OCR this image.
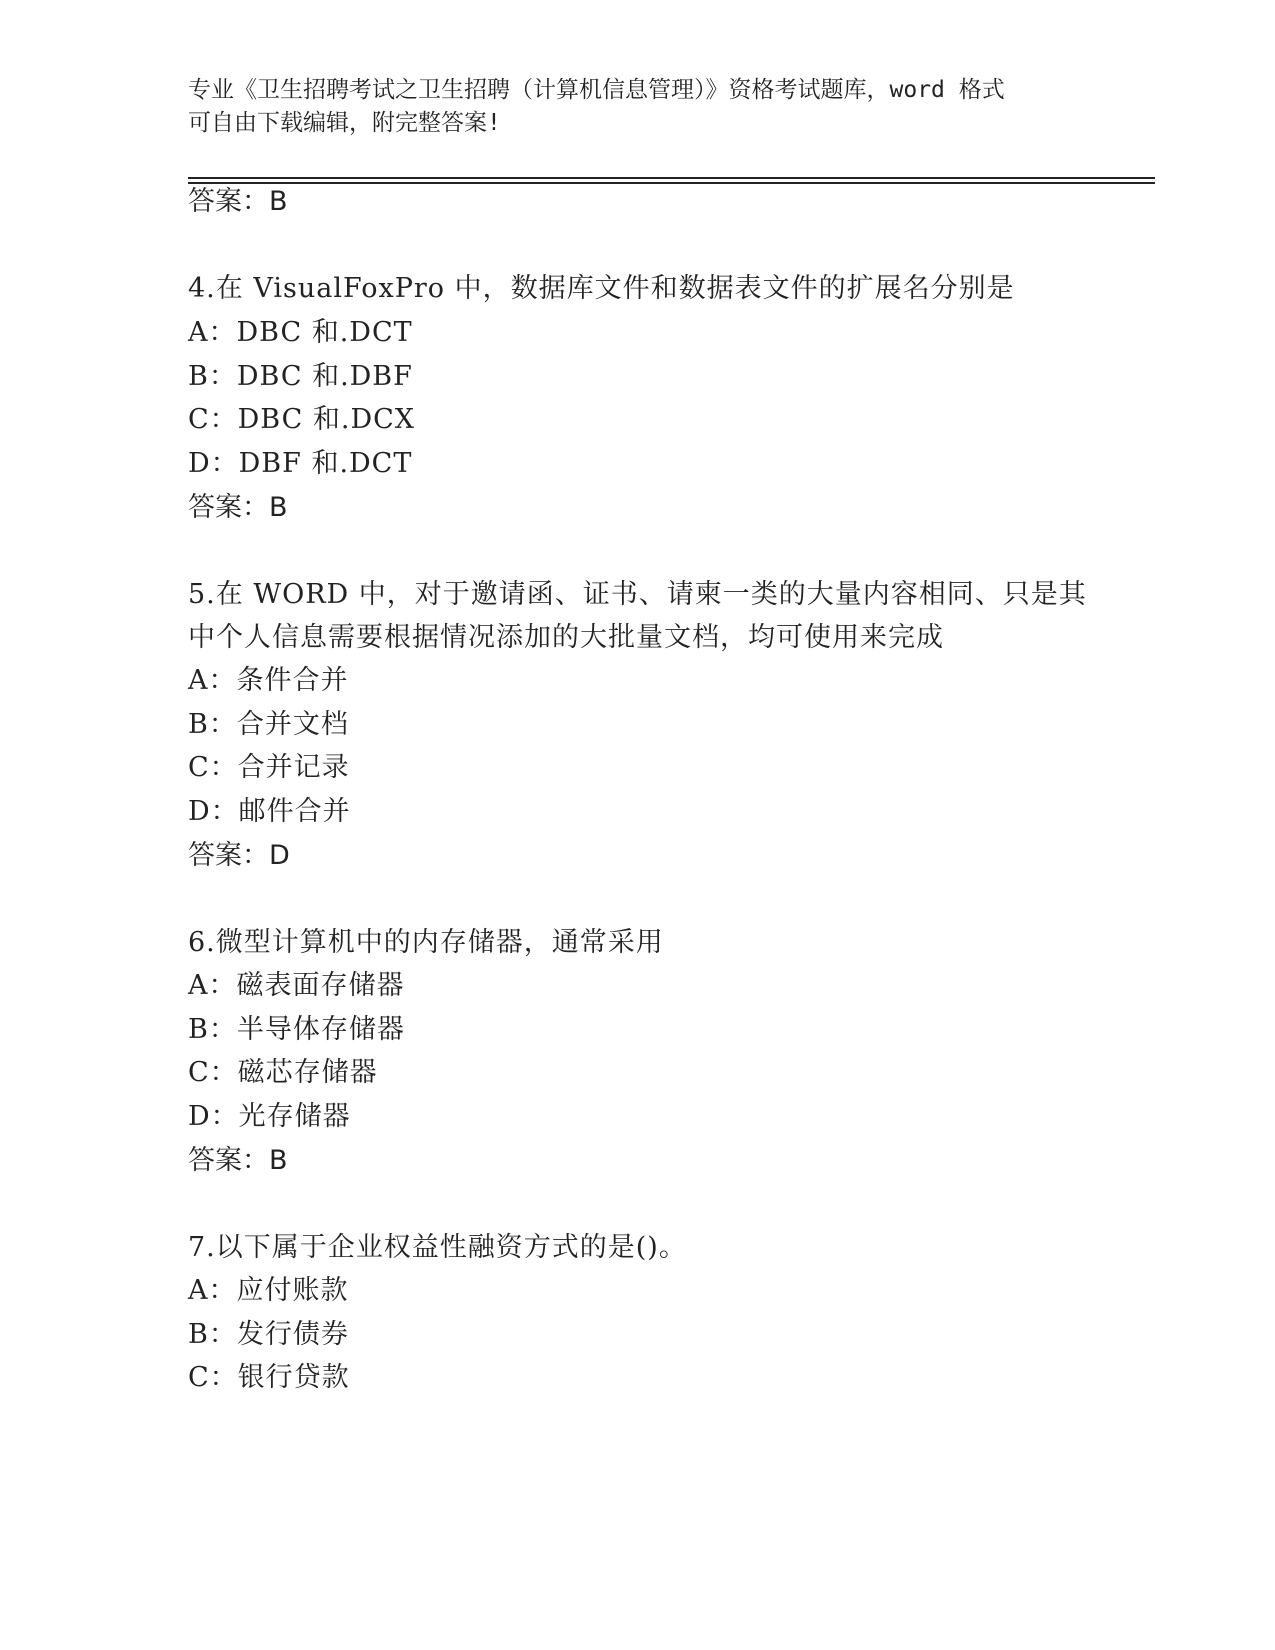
专业《卫生招聘考试之卫生招聘（计算机信息管理）》资格考试题库，word 格式
可自由下载编辑，附完整答案!
答案：B
4.在 VisualFoxPro 中，数据库文件和数据表文件的扩展名分别是
A：DBC 和.DCT
B：DBC 和.DBF
C：DBC 和.DCX
D：DBF 和.DCT
答案：B
5.在 WORD 中，对于邀请函、证书、请柬一类的大量内容相同、只是其
中个人信息需要根据情况添加的大批量文档，均可使用来完成
A：条件合并
B：合并文档
C：合并记录
D：邮件合并
答案：D
6.微型计算机中的内存储器，通常采用
A：磁表面存储器
B：半导体存储器
C：磁芯存储器
D：光存储器
答案：B
7.以下属于企业权益性融资方式的是()。
A：应付账款
B：发行债券
C：银行贷款
